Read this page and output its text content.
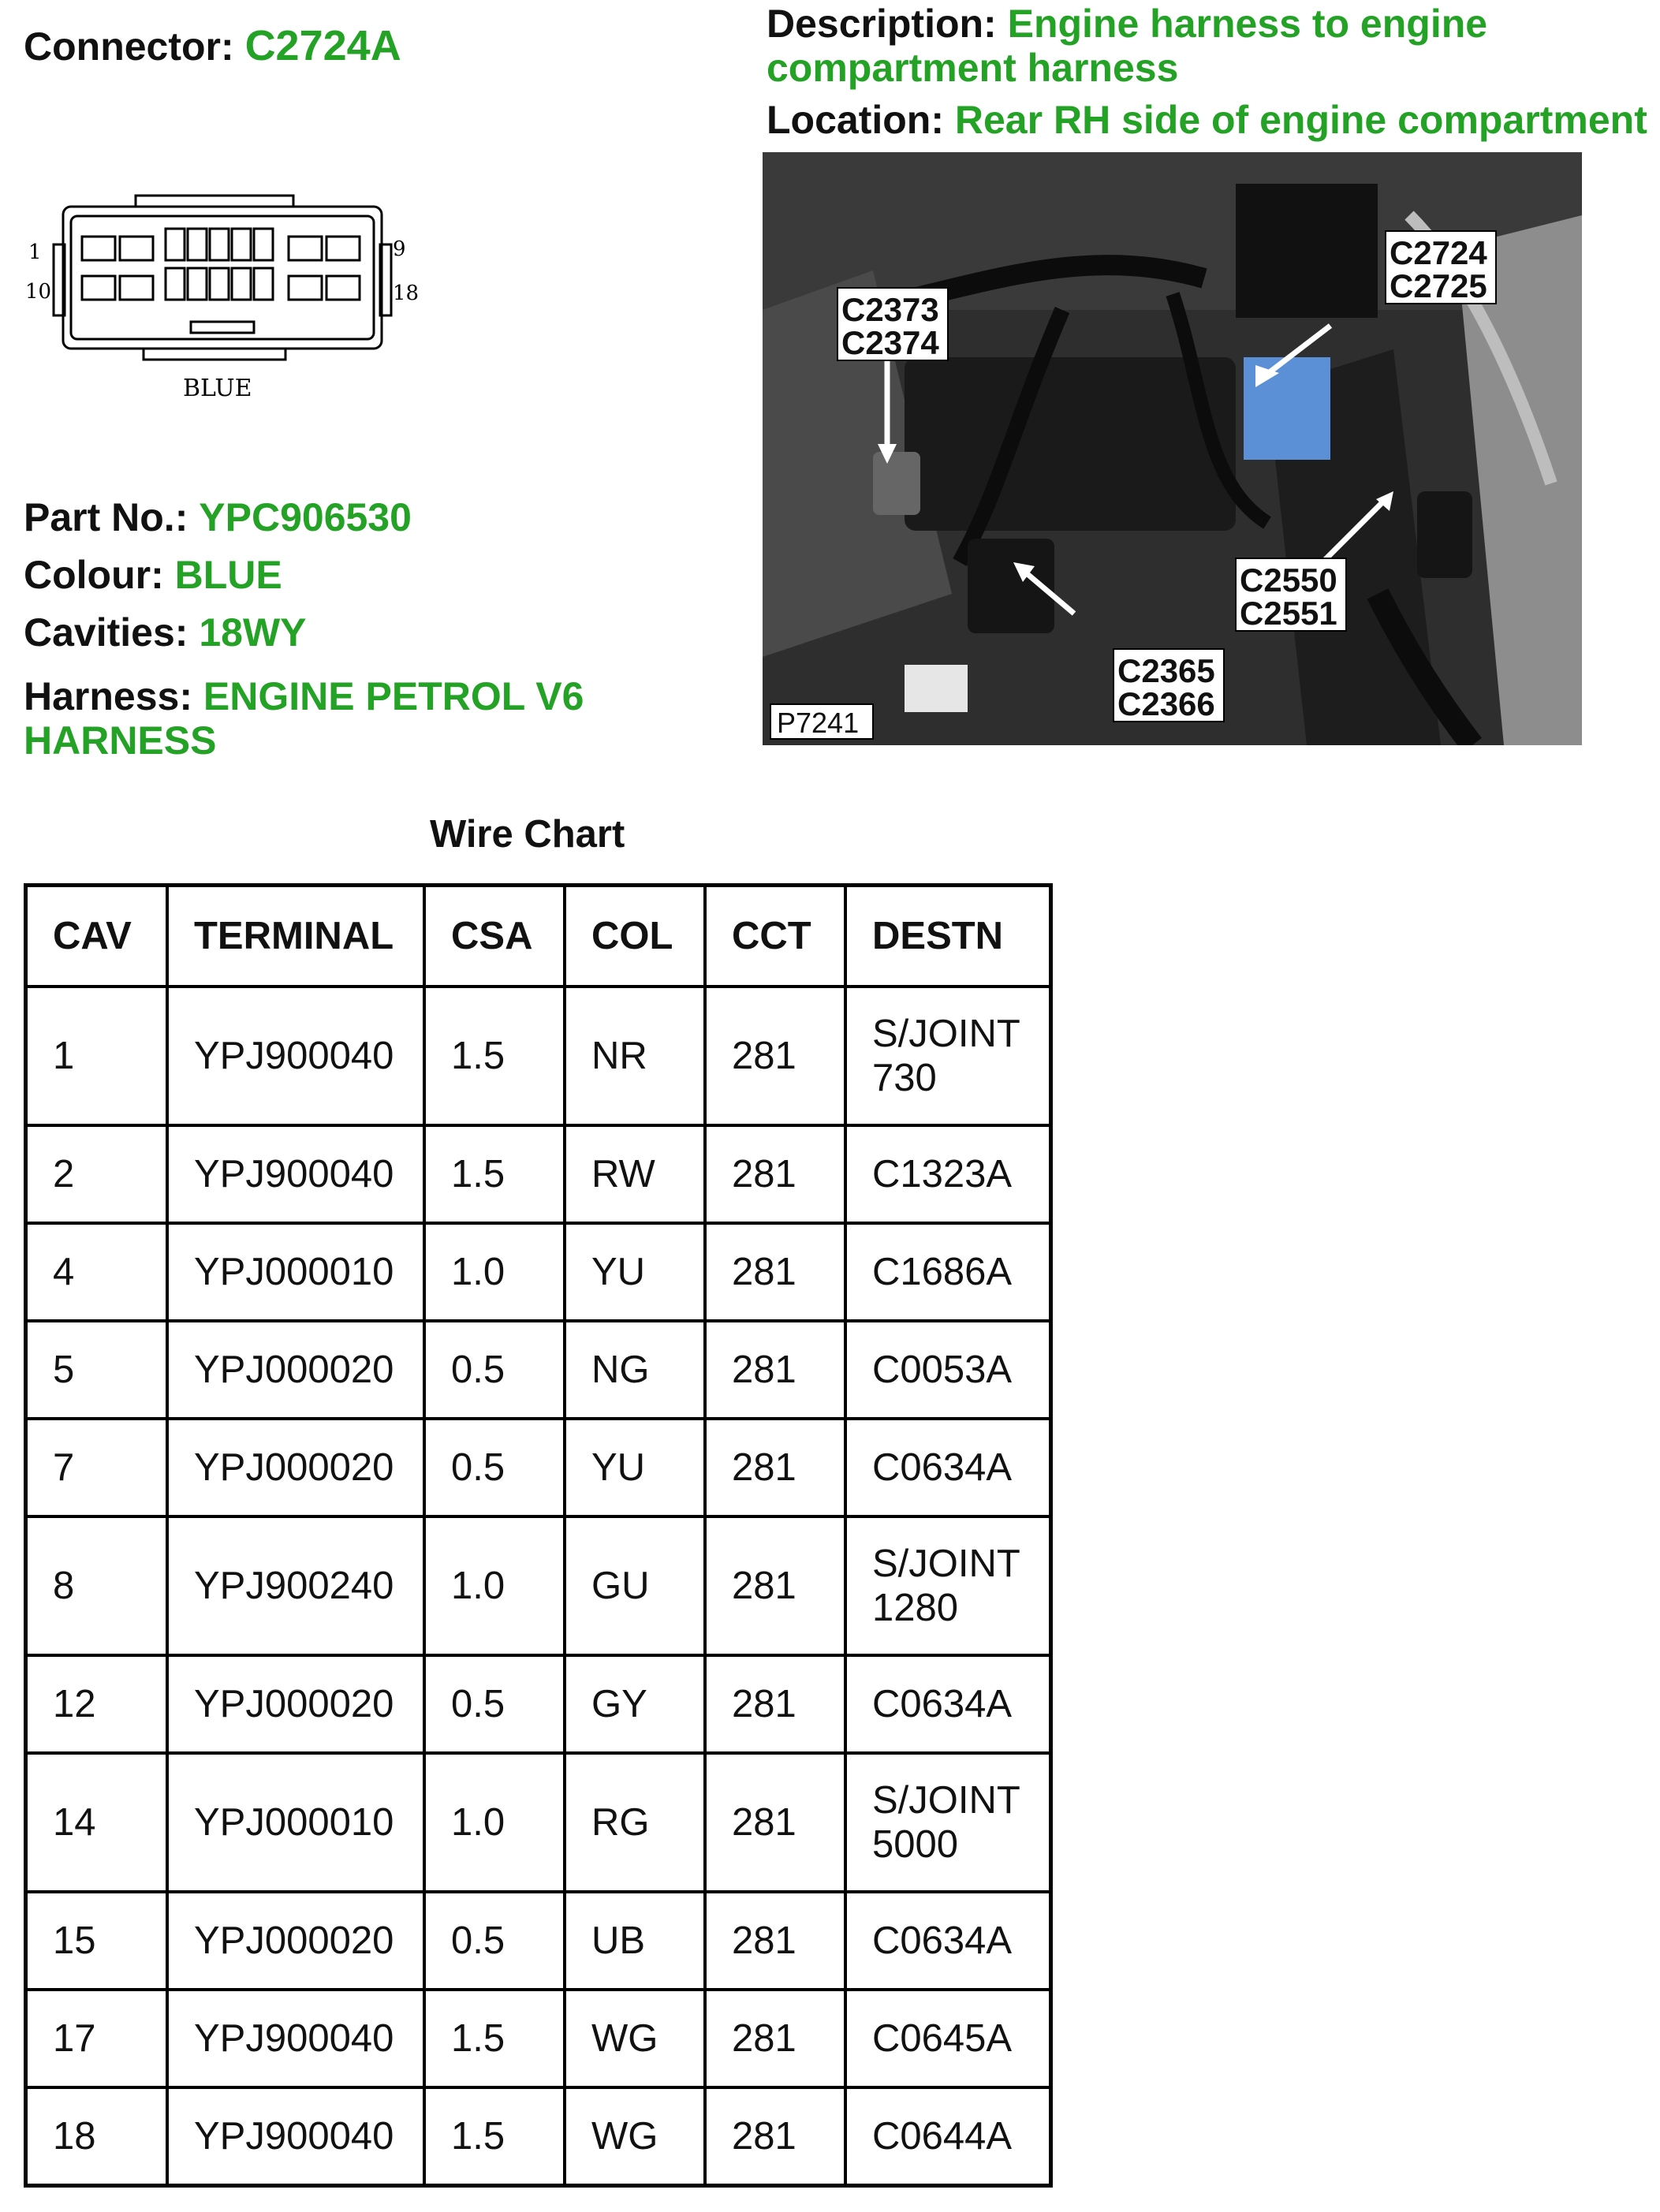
Connector: C2724A	Description: Engine harness to engine
compartment harness
Location: Rear RH side of engine compartment
1	9
10	18
BLUE
Part No.: YPC906530
Colour: BLUE
Cavities: 18WY
Harness: ENGINE PETROL V6
HARNESS
C2373
C2374
C2724
C2725
C2550
C2551
C2365
C2366
P7241
Wire Chart
CAV	TERMINAL	CSA	COL	CCT	DESTN
1	YPJ900040	1.5	NR	281	S/JOINT
730
2	YPJ900040	1.5	RW	281	C1323A
4	YPJ000010	1.0	YU	281	C1686A
5	YPJ000020	0.5	NG	281	C0053A
7	YPJ000020	0.5	YU	281	C0634A
8	YPJ900240	1.0	GU	281	S/JOINT
1280
12	YPJ000020	0.5	GY	281	C0634A
14	YPJ000010	1.0	RG	281	S/JOINT
5000
15	YPJ000020	0.5	UB	281	C0634A
17	YPJ900040	1.5	WG	281	C0645A
18	YPJ900040	1.5	WG	281	C0644A
